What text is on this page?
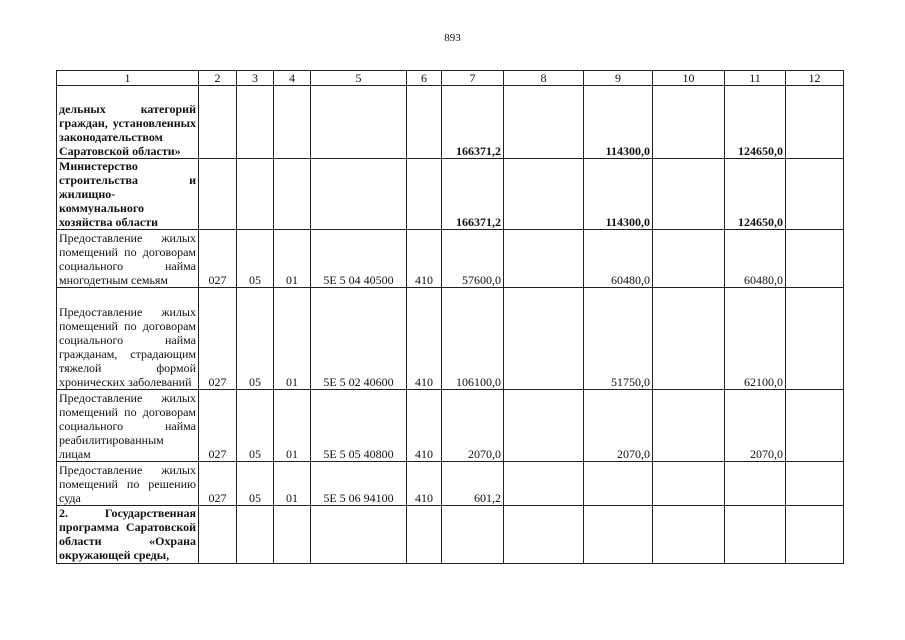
893
1	2	3	4	5	6	7	8	9	10	11	12
дельных категорий граждан, установленных законодательством Саратовской области»						166371,2		114300,0		124650,0	
Министерство строительства и жилищно-коммунального хозяйства области						166371,2		114300,0		124650,0	
Предоставление жилых помещений по договорам социального найма многодетным семьям	027	05	01	5Е 5 04 40500	410	57600,0		60480,0		60480,0	
Предоставление жилых помещений по договорам социального найма гражданам, страдающим тяжелой формой хронических заболеваний	027	05	01	5Е 5 02 40600	410	106100,0		51750,0		62100,0	
Предоставление жилых помещений по договорам социального найма реабилитированным лицам	027	05	01	5Е 5 05 40800	410	2070,0		2070,0		2070,0	
Предоставление жилых помещений по решению суда	027	05	01	5Е 5 06 94100	410	601,2					
2. Государственная программа Саратовской области «Охрана окружающей среды,											
